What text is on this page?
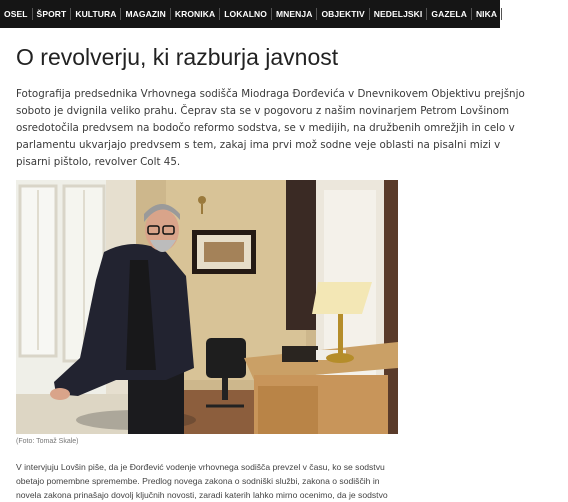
OSEL	ŠPORT	KULTURA	MAGAZIN	KRONIKA	LOKALNO	MNENJA	OBJEKTIV	NEDELJSKI	GAZELA	NIKA	ZDRAVA NIKA
O revolverju, ki razburja javnost

Fotografija predsednika Vrhovnega sodišča Miodraga Đorđevića v Dnevnikovem Objektivu prejšnjo
soboto je dvignila veliko prahu. Čeprav sta se v pogovoru z našim novinarjem Petrom Lovšinom
osredotočila predvsem na bodočo reformo sodstva, se v medijih, na družbenih omrežjih in celo v
parlamentu ukvarjajo predvsem s tem, zakaj ima prvi mož sodne veje oblasti na pisalni mizi v
pisarni pištolo, revolver Colt 45.

(Foto: Tomaž Skale)

V intervjuju Lovšin piše, da je Đorđević vodenje vrhovnega sodišča prevzel v času, ko se sodstvu
obetajo pomembne spremembe. Predlog novega zakona o sodniški službi, zakona o sodiščih in
novela zakona prinašajo dovolj ključnih novosti, zaradi katerih lahko mirno ocenimo, da je sodstvo
